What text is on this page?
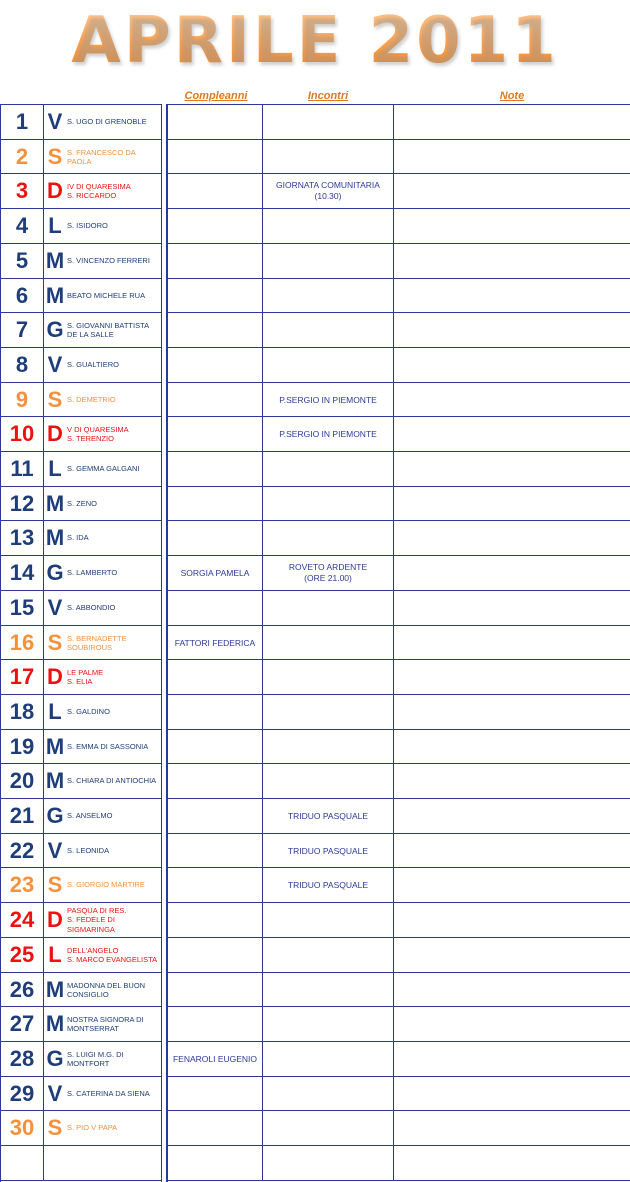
APRILE 2011
Compleanni	Incontri	Note
1 V S. UGO DI GRENOBLE
2 S S. FRANCESCO DA PAOLA
3 D IV DI QUARESIMA
S. RICCARDO
4 L S. ISIDORO
5 M S. VINCENZO FERRERI
6 M BEATO MICHELE RUA
7 G S. GIOVANNI BATTISTA DE LA SALLE
8 V S. GUALTIERO
9 S S. DEMETRIO
10 D V DI QUARESIMA
S. TERENZIO
11 L S. GEMMA GALGANI
12 M S. ZENO
13 M S. IDA
14 G S. LAMBERTO
15 V S. ABBONDIO
16 S S. BERNADETTE SOUBIROUS
17 D LE PALME
S. ELIA
18 L S. GALDINO
19 M S. EMMA DI SASSONIA
20 M S. CHIARA DI ANTIOCHIA
21 G S. ANSELMO
22 V S. LEONIDA
23 S S. GIORGIO MARTIRE
24 D PASQUA DI RES.
S. FEDELE DI SIGMARINGA
25 L DELL'ANGELO
S. MARCO EVANGELISTA
26 M MADONNA DEL BUON CONSIGLIO
27 M NOSTRA SIGNORA DI MONTSERRAT
28 G S. LUIGI M.G. DI MONTFORT
29 V S. CATERINA DA SIENA
30 S S. PIO V PAPA
GIORNATA COMUNITARIA
(10.30)
P.SERGIO IN PIEMONTE
P.SERGIO IN PIEMONTE
SORGIA PAMELA
ROVETO ARDENTE
(ORE 21.00)
FATTORI FEDERICA
TRIDUO PASQUALE
TRIDUO PASQUALE
TRIDUO PASQUALE
FENAROLI EUGENIO
